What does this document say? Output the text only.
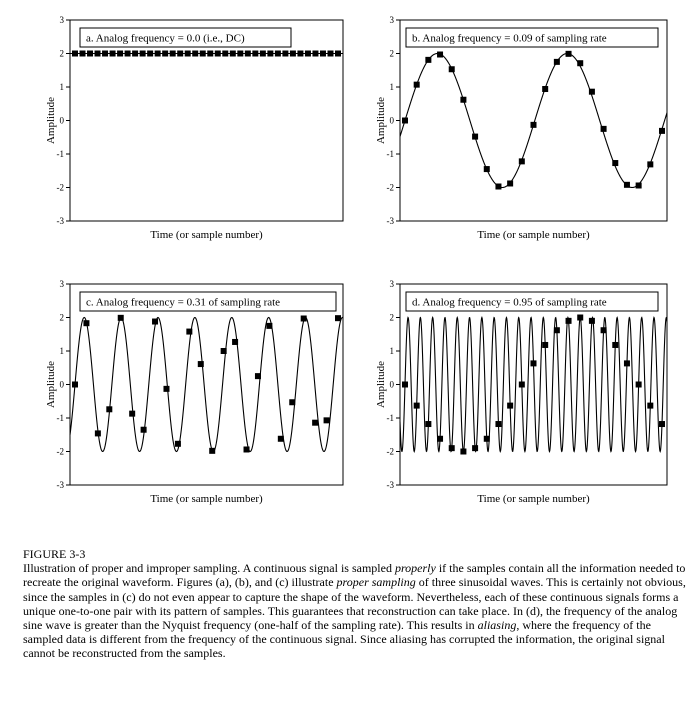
3
2
1
0
-1
-2
-3
Amplitude
Time (or sample number)
a. Analog frequency = 0.0 (i.e., DC)
3
2
1
0
-1
-2
-3
Amplitude
Time (or sample number)
b. Analog frequency = 0.09 of sampling rate
3
2
1
0
-1
-2
-3
Amplitude
Time (or sample number)
c. Analog frequency = 0.31 of sampling rate
3
2
1
0
-1
-2
-3
Amplitude
Time (or sample number)
d. Analog frequency = 0.95 of sampling rate
FIGURE 3-3

Illustration of proper and improper sampling. A continuous signal is sampled properly if the samples contain all the information needed to recreate the original waveform. Figures (a), (b), and (c) illustrate proper sampling of three sinusoidal waves. This is certainly not obvious, since the samples in (c) do not even appear to capture the shape of the waveform. Nevertheless, each of these continuous signals forms a unique one-to-one pair with its pattern of samples. This guarantees that reconstruction can take place. In (d), the frequency of the analog sine wave is greater than the Nyquist frequency (one-half of the sampling rate). This results in aliasing, where the frequency of the sampled data is different from the frequency of the continuous signal. Since aliasing has corrupted the information, the original signal cannot be reconstructed from the samples.
